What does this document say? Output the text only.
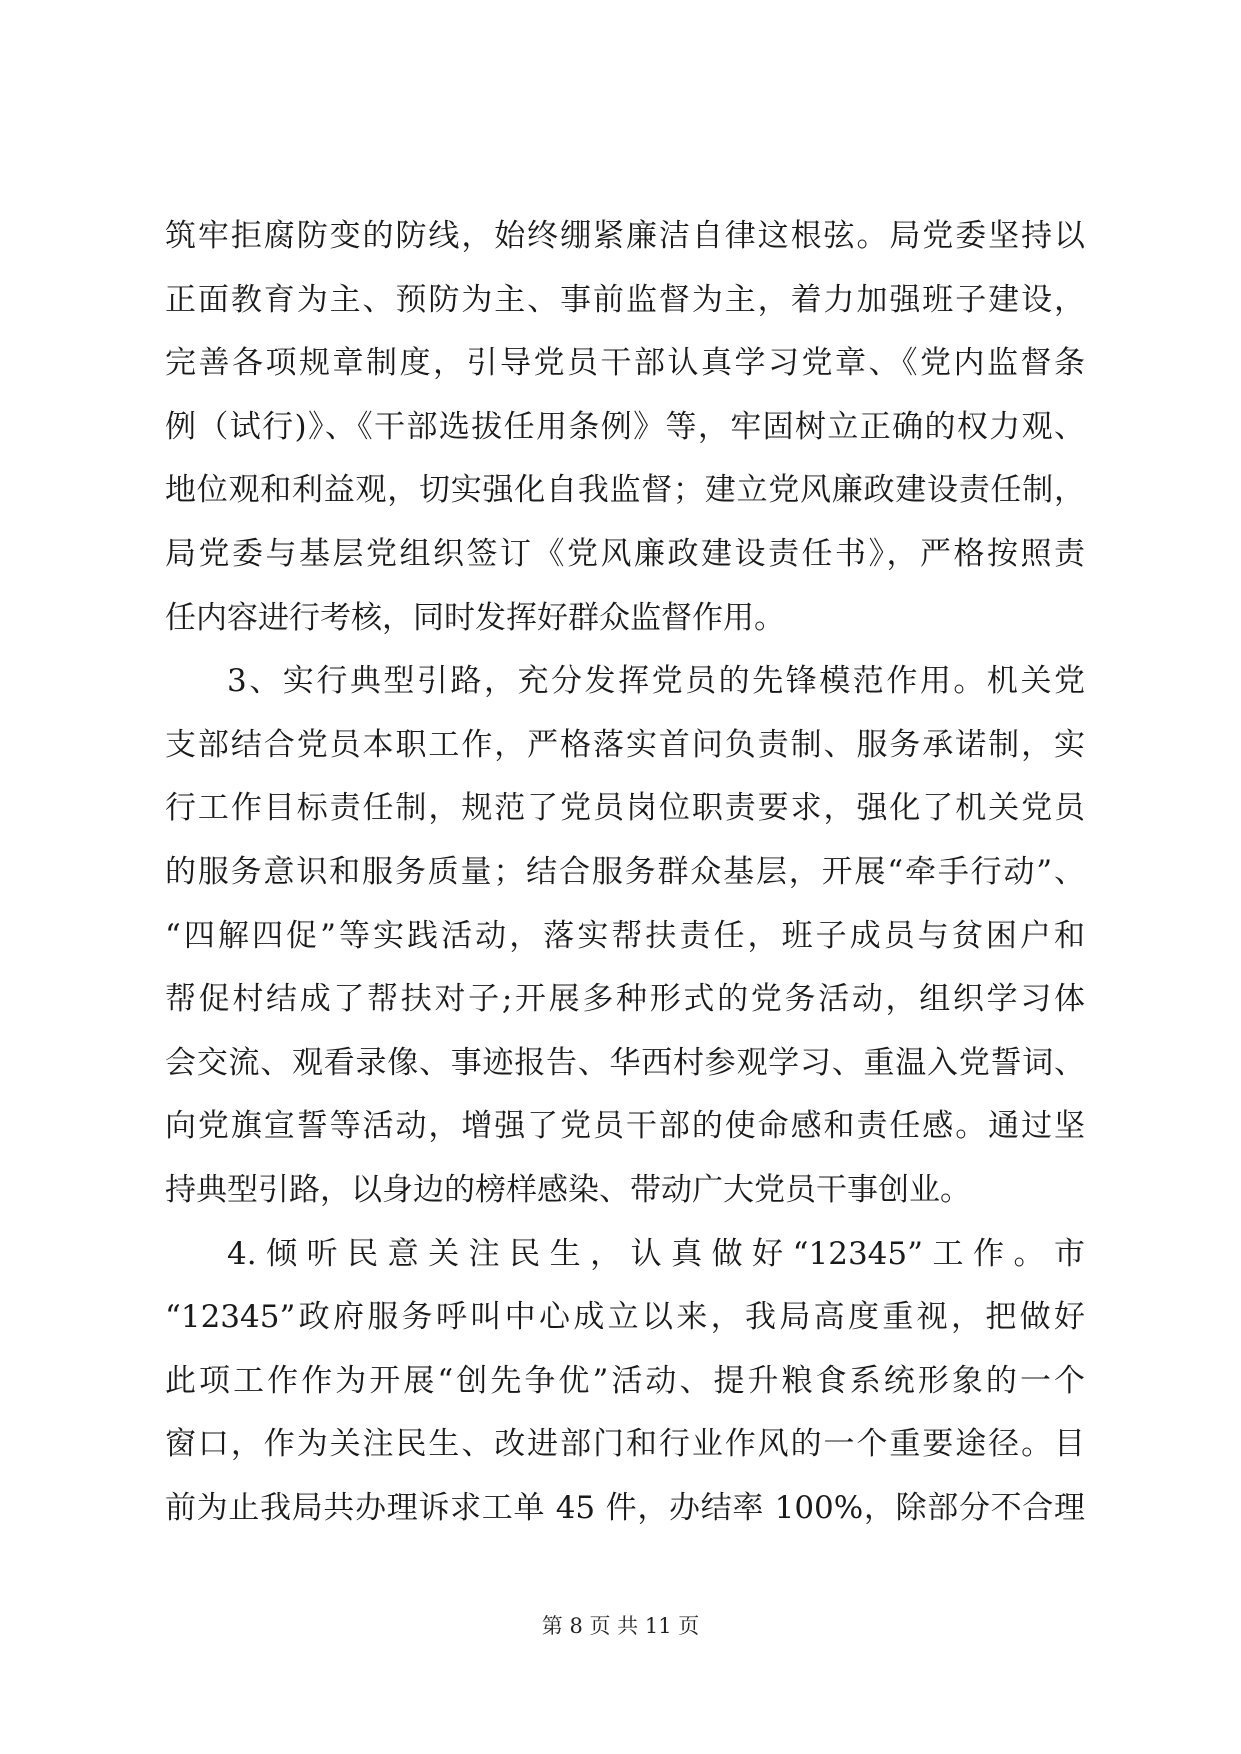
筑牢拒腐防变的防线，始终绷紧廉洁自律这根弦。局党委坚持以
正面教育为主、预防为主、事前监督为主，着力加强班子建设，
完善各项规章制度，引导党员干部认真学习党章、《党内监督条
例（试行)》、《干部选拔任用条例》等，牢固树立正确的权力观、
地位观和利益观，切实强化自我监督；建立党风廉政建设责任制，
局党委与基层党组织签订《党风廉政建设责任书》，严格按照责
任内容进行考核，同时发挥好群众监督作用。
3、实行典型引路，充分发挥党员的先锋模范作用。机关党
支部结合党员本职工作，严格落实首问负责制、服务承诺制，实
行工作目标责任制，规范了党员岗位职责要求，强化了机关党员
的服务意识和服务质量；结合服务群众基层，开展“牵手行动”、
“四解四促”等实践活动，落实帮扶责任，班子成员与贫困户和
帮促村结成了帮扶对子;开展多种形式的党务活动，组织学习体
会交流、观看录像、事迹报告、华西村参观学习、重温入党誓词、
向党旗宣誓等活动，增强了党员干部的使命感和责任感。通过坚
持典型引路，以身边的榜样感染、带动广大党员干事创业。
4.倾听民意关注民生，认真做好“12345”工作。市
“12345”政府服务呼叫中心成立以来，我局高度重视，把做好
此项工作作为开展“创先争优”活动、提升粮食系统形象的一个
窗口，作为关注民生、改进部门和行业作风的一个重要途径。目
前为止我局共办理诉求工单 45 件，办结率 100%，除部分不合理
第 8 页 共 11 页
